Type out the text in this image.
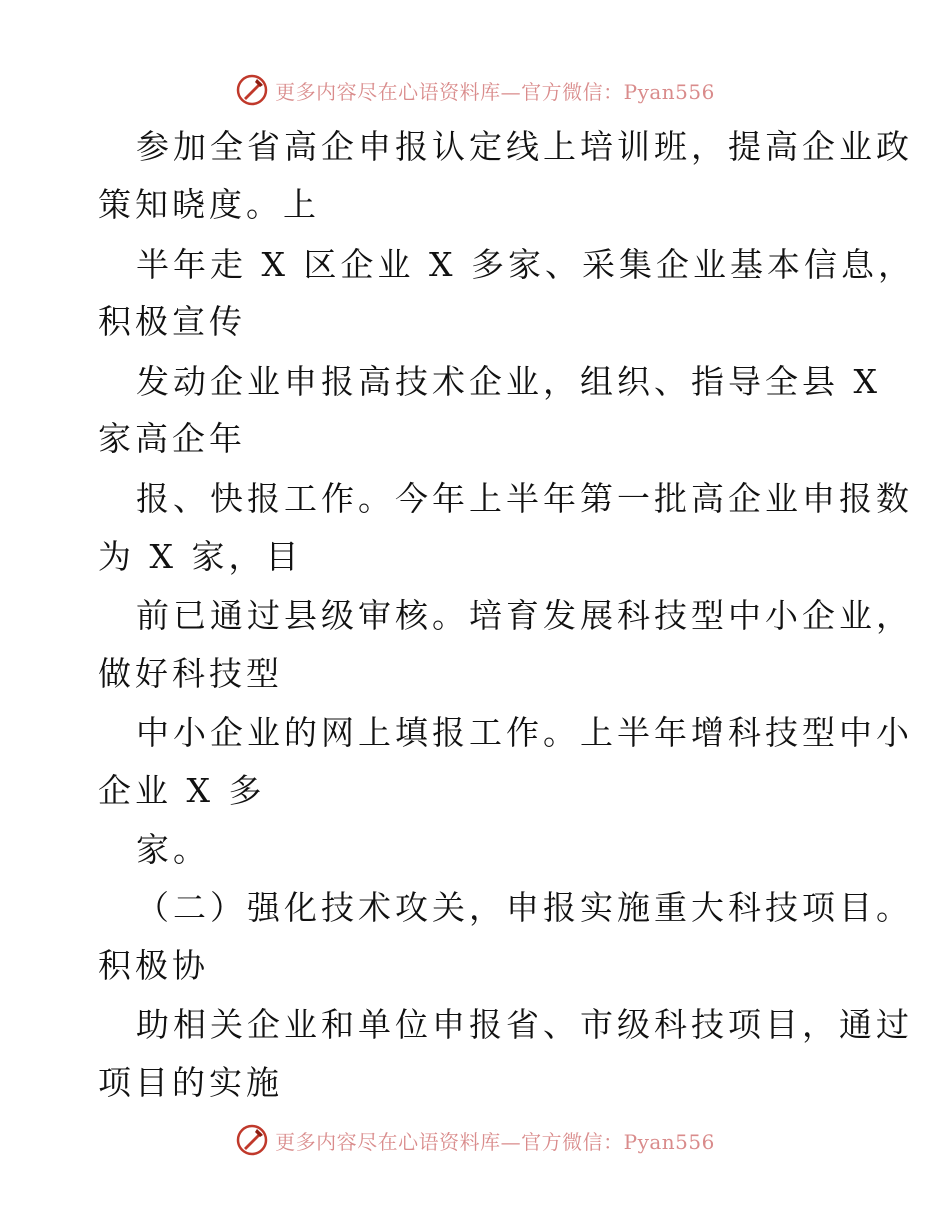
更多内容尽在心语资料库—官方微信：Pyan556
参加全省高企申报认定线上培训班，提高企业政
策知晓度。上
半年走 X 区企业 X 多家、采集企业基本信息，
积极宣传
发动企业申报高技术企业，组织、指导全县 X
家高企年
报、快报工作。今年上半年第一批高企业申报数
为 X 家，目
前已通过县级审核。培育发展科技型中小企业，
做好科技型
中小企业的网上填报工作。上半年增科技型中小
企业 X 多
家。
（二）强化技术攻关，申报实施重大科技项目。
积极协
助相关企业和单位申报省、市级科技项目，通过
项目的实施
更多内容尽在心语资料库—官方微信：Pyan556
